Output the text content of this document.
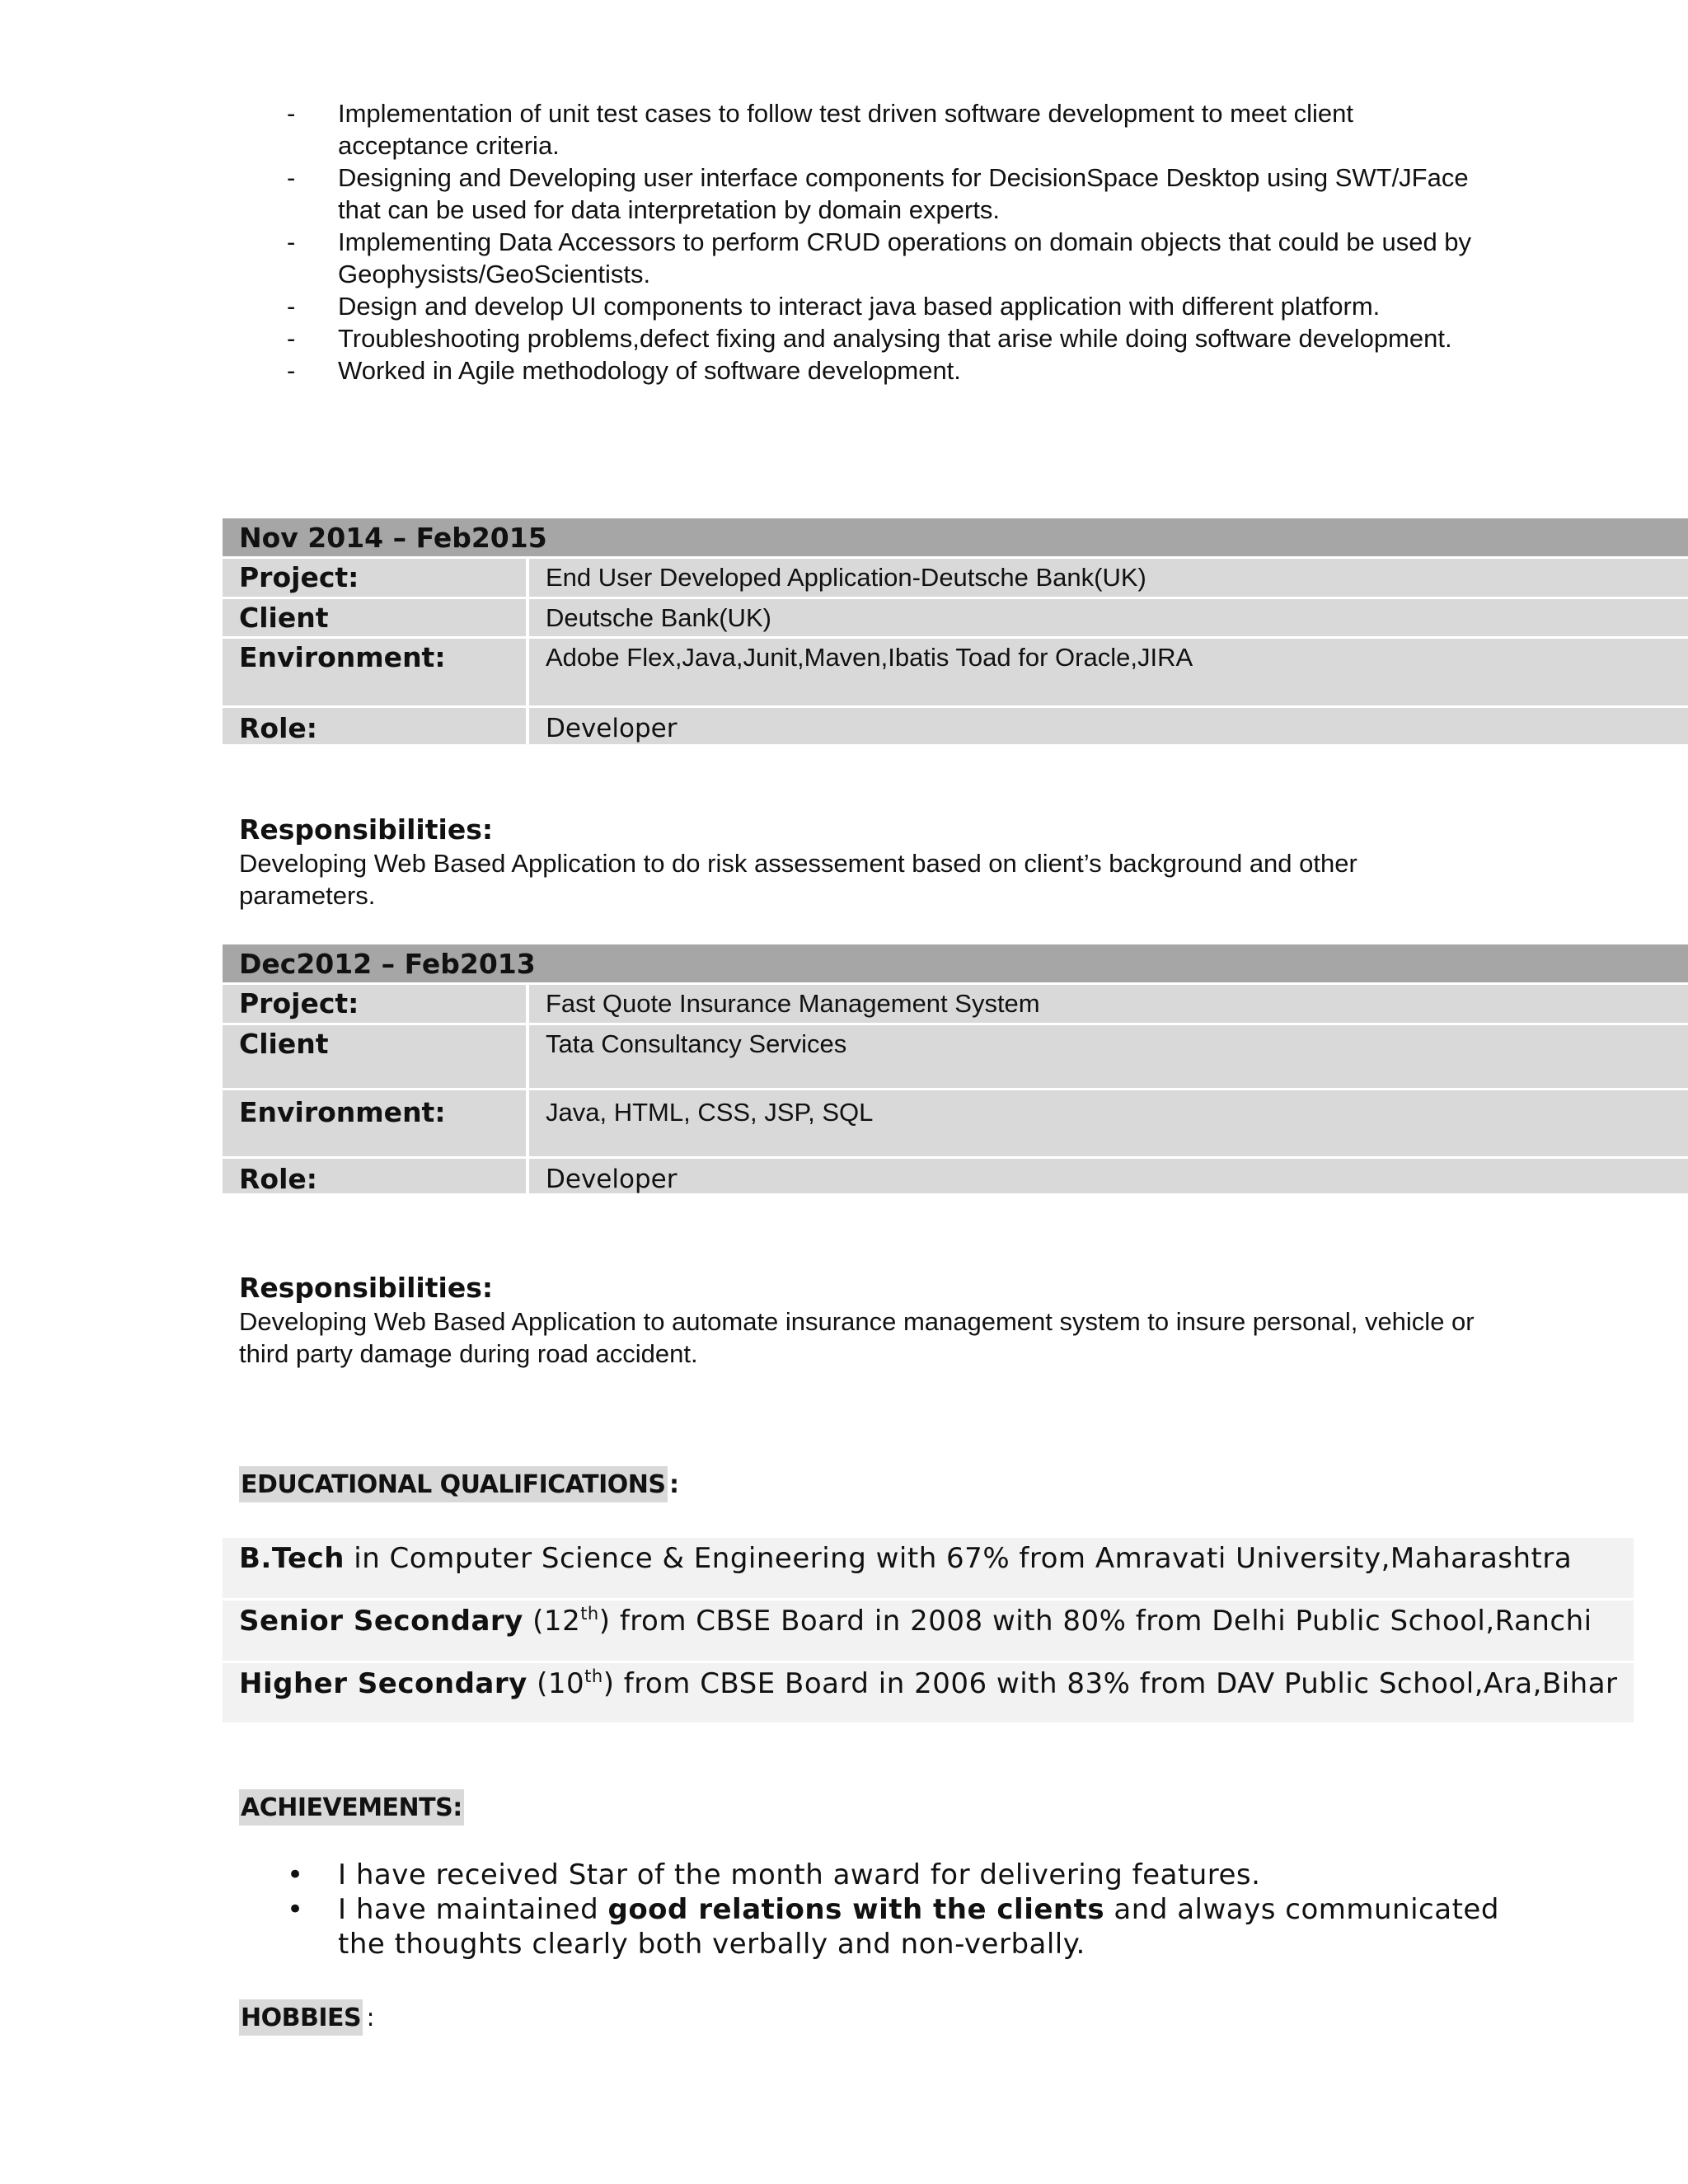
- Implementation of unit test cases to follow test driven software development to meet client acceptance criteria.
- Designing and Developing user interface components for DecisionSpace Desktop using SWT/JFace that can be used for data interpretation by domain experts.
- Implementing Data Accessors to perform CRUD operations on domain objects that could be used by Geophysists/GeoScientists.
- Design and develop UI components to interact java based application with different platform.
- Troubleshooting problems,defect fixing and analysing that arise while doing software development.
- Worked in Agile methodology of software development.
Nov 2014 – Feb2015
Project:	End User Developed Application-Deutsche Bank(UK)
Client	Deutsche Bank(UK)
Environment:	Adobe Flex,Java,Junit,Maven,Ibatis Toad for Oracle,JIRA
Role:	Developer
Responsibilities:
Developing Web Based Application to do risk assessement based on client’s background and other parameters.
Dec2012 – Feb2013
Project:	Fast Quote Insurance Management System
Client	Tata Consultancy Services
Environment:	Java, HTML, CSS, JSP, SQL
Role:	Developer
Responsibilities:
Developing Web Based Application to automate insurance management system to insure personal, vehicle or third party damage during road accident.
EDUCATIONAL QUALIFICATIONS :
B.Tech in Computer Science & Engineering with 67% from Amravati University,Maharashtra
Senior Secondary (12th) from CBSE Board in 2008 with 80% from Delhi Public School,Ranchi
Higher Secondary (10th) from CBSE Board in 2006 with 83% from DAV Public School,Ara,Bihar
ACHIEVEMENTS:
• I have received Star of the month award for delivering features.
• I have maintained good relations with the clients and always communicated the thoughts clearly both verbally and non-verbally.
HOBBIES :
